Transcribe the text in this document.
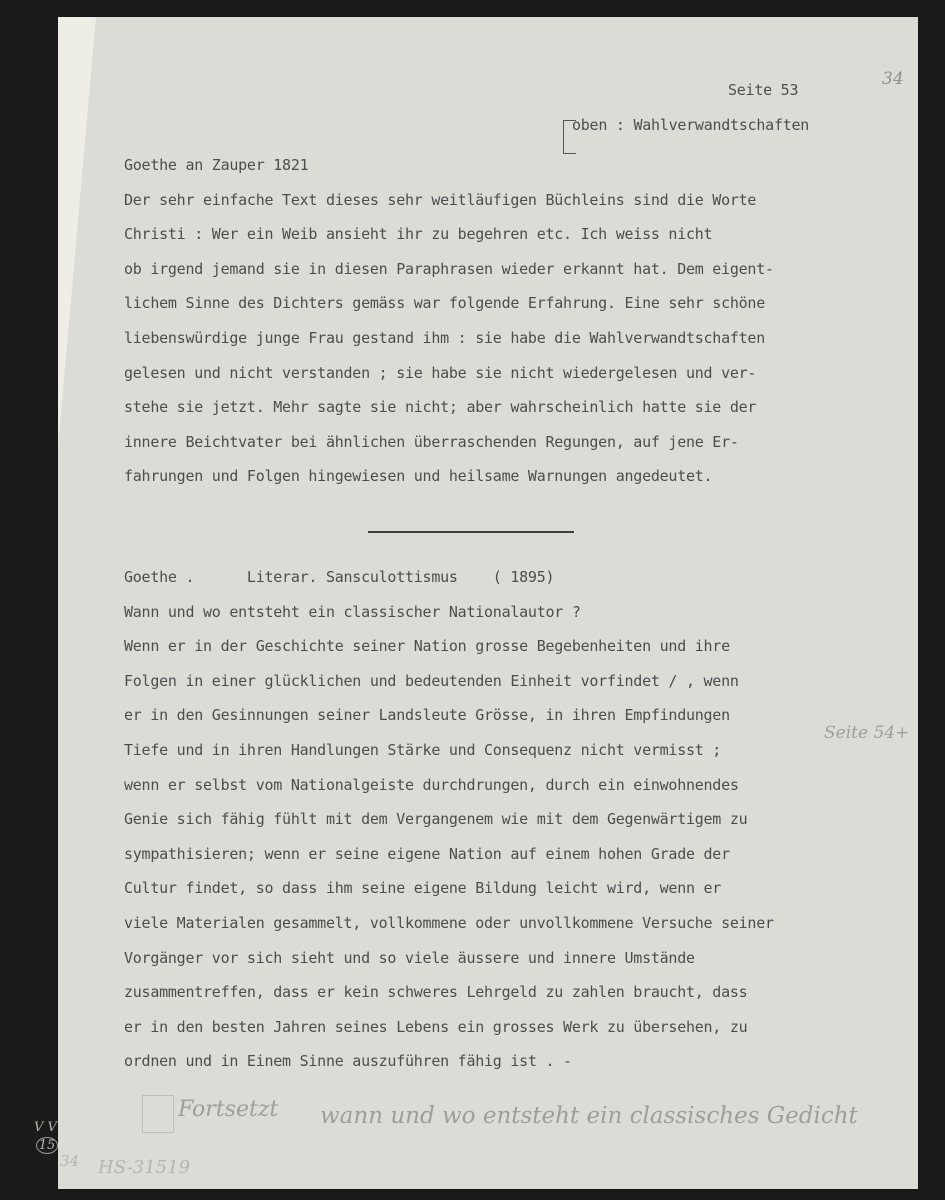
34
Seite 53
oben : Wahlverwandtschaften
Goethe an Zauper 1821
Der sehr einfache Text dieses sehr weitläufigen Büchleins sind die Worte
Christi : Wer ein Weib ansieht ihr zu begehren etc. Ich weiss nicht
ob irgend jemand sie in diesen Paraphrasen wieder erkannt hat. Dem eigent-
lichem Sinne des Dichters gemäss war folgende Erfahrung. Eine sehr schöne
liebenswürdige junge Frau gestand ihm : sie habe die Wahlverwandtschaften
gelesen und nicht verstanden ; sie habe sie nicht wiedergelesen und ver-
stehe sie jetzt. Mehr sagte sie nicht; aber wahrscheinlich hatte sie der
innere Beichtvater bei ähnlichen überraschenden Regungen, auf jene Er-
fahrungen und Folgen hingewiesen und heilsame Warnungen angedeutet.
Goethe .      Literar. Sansculottismus    ( 1895)
Wann und wo entsteht ein classischer Nationalautor ?
Wenn er in der Geschichte seiner Nation grosse Begebenheiten und ihre
Folgen in einer glücklichen und bedeutenden Einheit vorfindet / , wenn
er in den Gesinnungen seiner Landsleute Grösse, in ihren Empfindungen
Tiefe und in ihren Handlungen Stärke und Consequenz nicht vermisst ;
wenn er selbst vom Nationalgeiste durchdrungen, durch ein einwohnendes
Genie sich fähig fühlt mit dem Vergangenem wie mit dem Gegenwärtigem zu
sympathisieren; wenn er seine eigene Nation auf einem hohen Grade der
Cultur findet, so dass ihm seine eigene Bildung leicht wird, wenn er
viele Materialen gesammelt, vollkommene oder unvollkommene Versuche seiner
Vorgänger vor sich sieht und so viele äussere und innere Umstände
zusammentreffen, dass er kein schweres Lehrgeld zu zahlen braucht, dass
er in den besten Jahren seines Lebens ein grosses Werk zu übersehen, zu
ordnen und in Einem Sinne auszuführen fähig ist . -
Seite 54+
Fortsetzt wann und wo entsteht ein classisches Gedicht
V V
15
34 HS-31519
